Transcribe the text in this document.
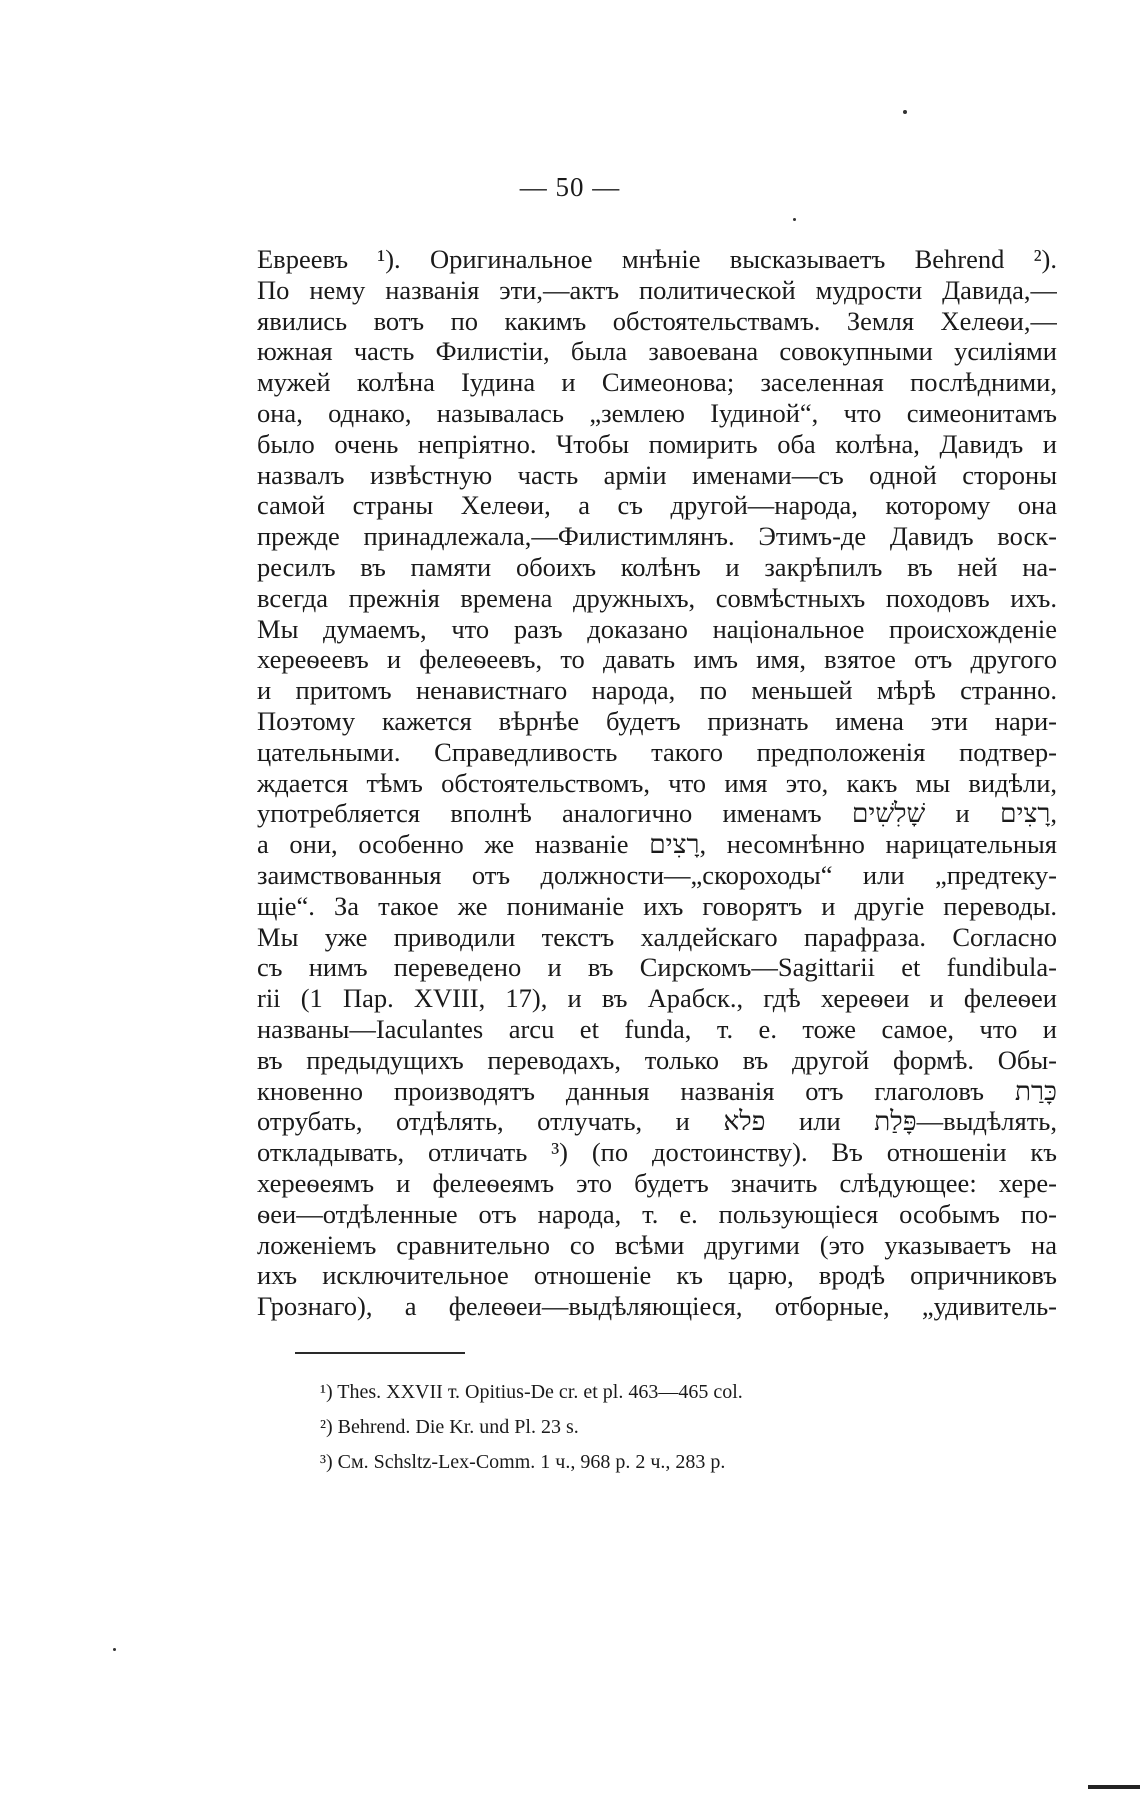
— 50 —
Евреевъ ¹). Оригинальное мнѣніе высказываетъ Behrend ²).
По нему названія эти,—актъ политической мудрости Давида,—
явились вотъ по какимъ обстоятельствамъ. Земля Хелеѳи,—
южная часть Филистіи, была завоевана совокупными усиліями
мужей колѣна Іудина и Симеонова; заселенная послѣдними,
она, однако, называлась „землею Іудиной“, что симеонитамъ
было очень непріятно. Чтобы помирить оба колѣна, Давидъ и
назвалъ извѣстную часть арміи именами—съ одной стороны
самой страны Хелеѳи, а съ другой—народа, которому она
прежде принадлежала,—Филистимлянъ. Этимъ-де Давидъ воск-
ресилъ въ памяти обоихъ колѣнъ и закрѣпилъ въ ней на-
всегда прежнія времена дружныхъ, совмѣстныхъ походовъ ихъ.
Мы думаемъ, что разъ доказано національное происхожденіе
хереѳеевъ и фелеѳеевъ, то давать имъ имя, взятое отъ другого
и притомъ ненавистнаго народа, по меньшей мѣрѣ странно.
Поэтому кажется вѣрнѣе будетъ признать имена эти нари-
цательными. Справедливость такого предположенія подтвер-
ждается тѣмъ обстоятельствомъ, что имя это, какъ мы видѣли,
употребляется вполнѣ аналогично именамъ שָׁלִשִׁים и רָצִים,
а они, особенно же названіе רָצִים, несомнѣнно нарицательныя
заимствованныя отъ должности—„скороходы“ или „предтеку-
щіе“. За такое же пониманіе ихъ говорятъ и другіе переводы.
Мы уже приводили текстъ халдейскаго парафраза. Согласно
съ нимъ переведено и въ Сирскомъ—Sagittarii et fundibula-
rii (1 Пар. XVIII, 17), и въ Арабск., гдѣ хереѳеи и фелеѳеи
названы—Iaculantes arcu et funda, т. е. тоже самое, что и
въ предыдущихъ переводахъ, только въ другой формѣ. Обы-
кновенно производятъ данныя названія отъ глаголовъ כָּרַת
отрубать, отдѣлять, отлучать, и פלא или פָּלַת—выдѣлять,
откладывать, отличать ³) (по достоинству). Въ отношеніи къ
хереѳеямъ и фелеѳеямъ это будетъ значить слѣдующее: хере-
ѳеи—отдѣленные отъ народа, т. е. пользующіеся особымъ по-
ложеніемъ сравнительно со всѣми другими (это указываетъ на
ихъ исключительное отношеніе къ царю, вродѣ опричниковъ
Грознаго), а фелеѳеи—выдѣляющіеся, отборные, „удивитель-
¹) Thes. XXVII т. Opitius-De cr. et pl. 463—465 col.
²) Behrend. Die Kr. und Pl. 23 s.
³) См. Schsltz-Lex-Comm. 1 ч., 968 р. 2 ч., 283 р.
